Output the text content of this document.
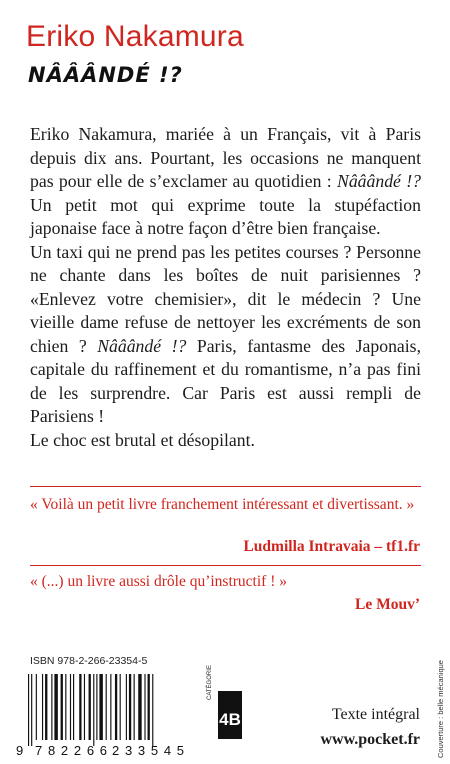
Eriko Nakamura
NÂÂÂNDÉ !?

Eriko Nakamura, mariée à un Français, vit à Paris depuis dix ans. Pourtant, les occasions ne manquent pas pour elle de s’exclamer au quotidien : Nââândé !? Un petit mot qui exprime toute la stupéfaction japonaise face à notre façon d’être bien française.

Un taxi qui ne prend pas les petites courses ? Personne ne chante dans les boîtes de nuit parisiennes ? «Enlevez votre chemisier», dit le médecin ? Une vieille dame refuse de nettoyer les excréments de son chien ? Nââândé !? Paris, fantasme des Japonais, capitale du raffinement et du romantisme, n’a pas fini de les surprendre. Car Paris est aussi rempli de Parisiens !

Le choc est brutal et désopilant.

« Voilà un petit livre franchement intéressant et divertissant. »
Ludmilla Intravaia – tf1.fr
« (...) un livre aussi drôle qu’instructif ! »
Le Mouv’
ISBN 978-2-266-23354-5
9 782266 233545
4B
CATÉGORIE
Texte intégral
www.pocket.fr Couverture : belle mécanique
